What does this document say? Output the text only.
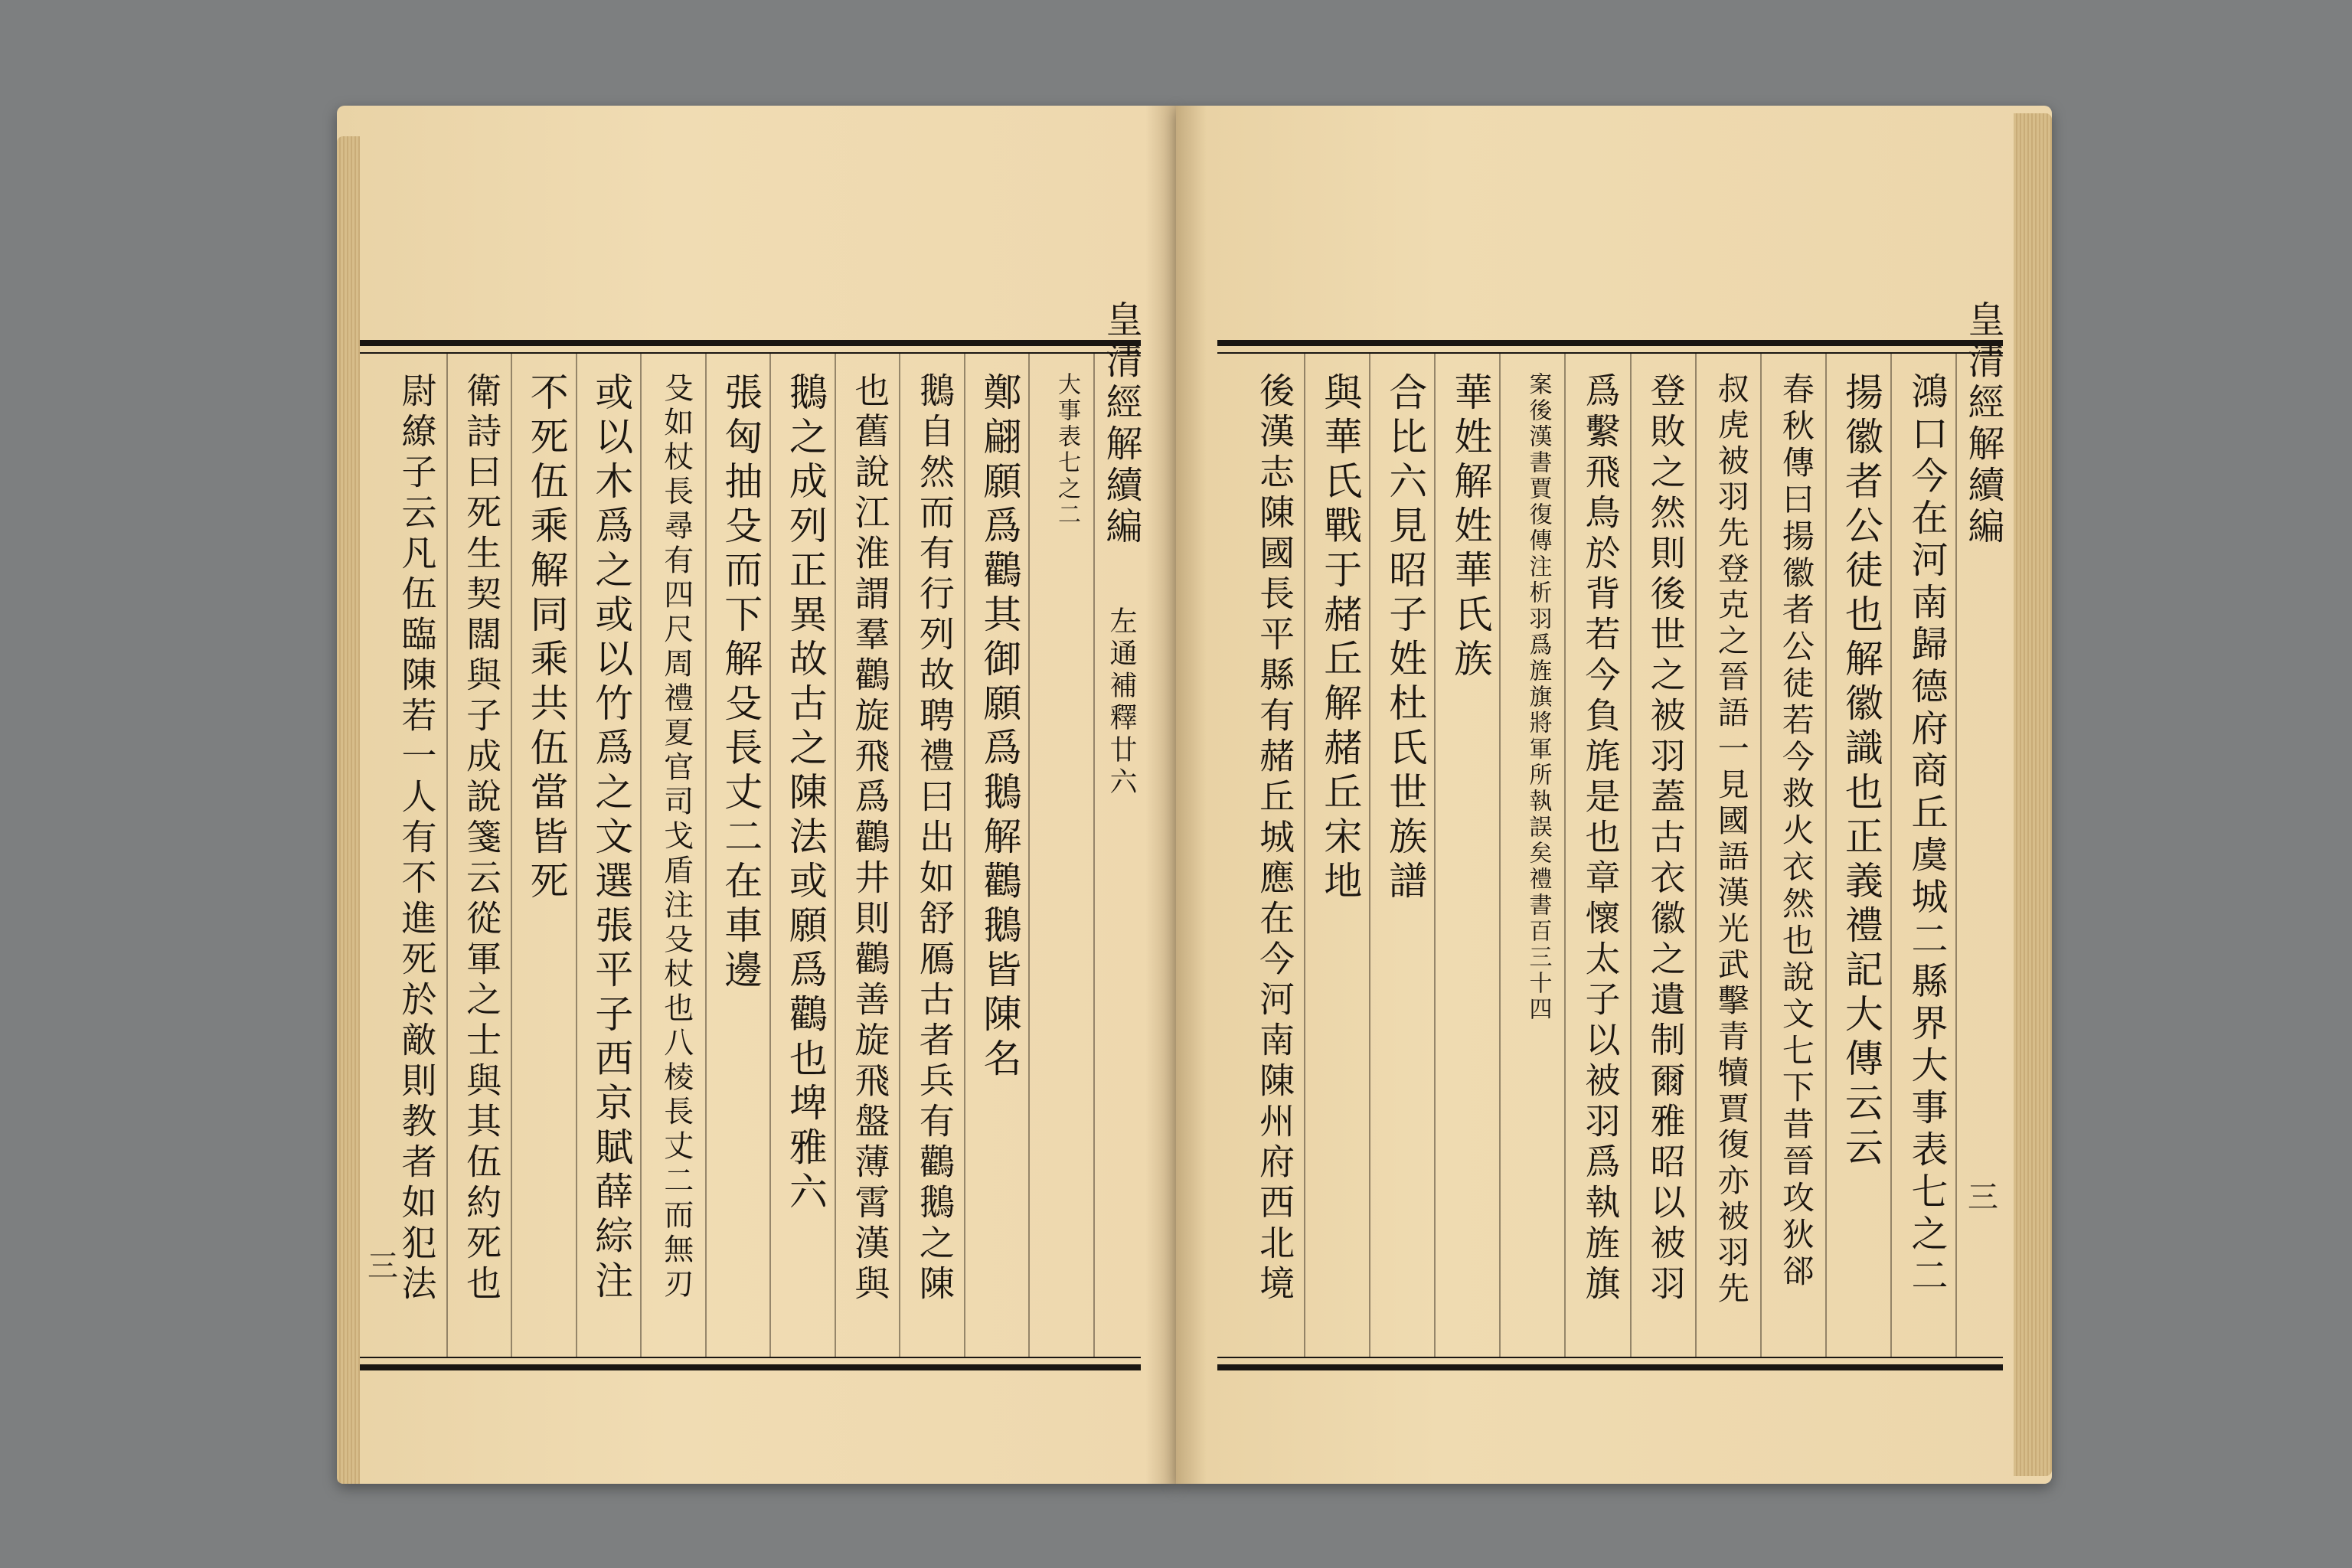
大事表七之二
鄭翩願爲鸛其御願爲鵝解鸛鵝皆陳名
鵝自然而有行列故聘禮曰出如舒鴈古者兵有鸛鵝之陳
也舊說江淮謂羣鸛旋飛爲鸛井則鸛善旋飛盤薄霄漢與
鵝之成列正異故古之陳法或願爲鸛也埤雅六
張匈抽殳而下解殳長丈二在車邊
殳如杖長尋有四尺周禮夏官司戈盾注殳杖也八棱長丈二而無刃
或以木爲之或以竹爲之文選張平子西京賦薛綜注
不死伍乘解同乘共伍當皆死
衛詩曰死生契闊與子成說箋云從軍之士與其伍約死也
尉繚子云凡伍臨陳若一人有不進死於敵則教者如犯法	皇清經解續編
左通補釋廿六
三	鴻口今在河南歸德府商丘虞城二縣界大事表七之二
揚徽者公徒也解徽識也正義禮記大傳云云
春秋傳曰揚徽者公徒若今救火衣然也說文七下昔晉攻狄郤
叔虎被羽先登克之晉語一見國語漢光武擊青犢賈復亦被羽先
登敗之然則後世之被羽蓋古衣徽之遺制爾雅昭以被羽
爲繫飛鳥於背若今負旄是也章懷太子以被羽爲執旌旗
案後漢書賈復傳注析羽爲旌旗將軍所執誤矣禮書百三十四
華姓解姓華氏族
合比六見昭子姓杜氏世族譜
與華氏戰于赭丘解赭丘宋地
後漢志陳國長平縣有赭丘城應在今河南陳州府西北境	皇清經解續編
三
